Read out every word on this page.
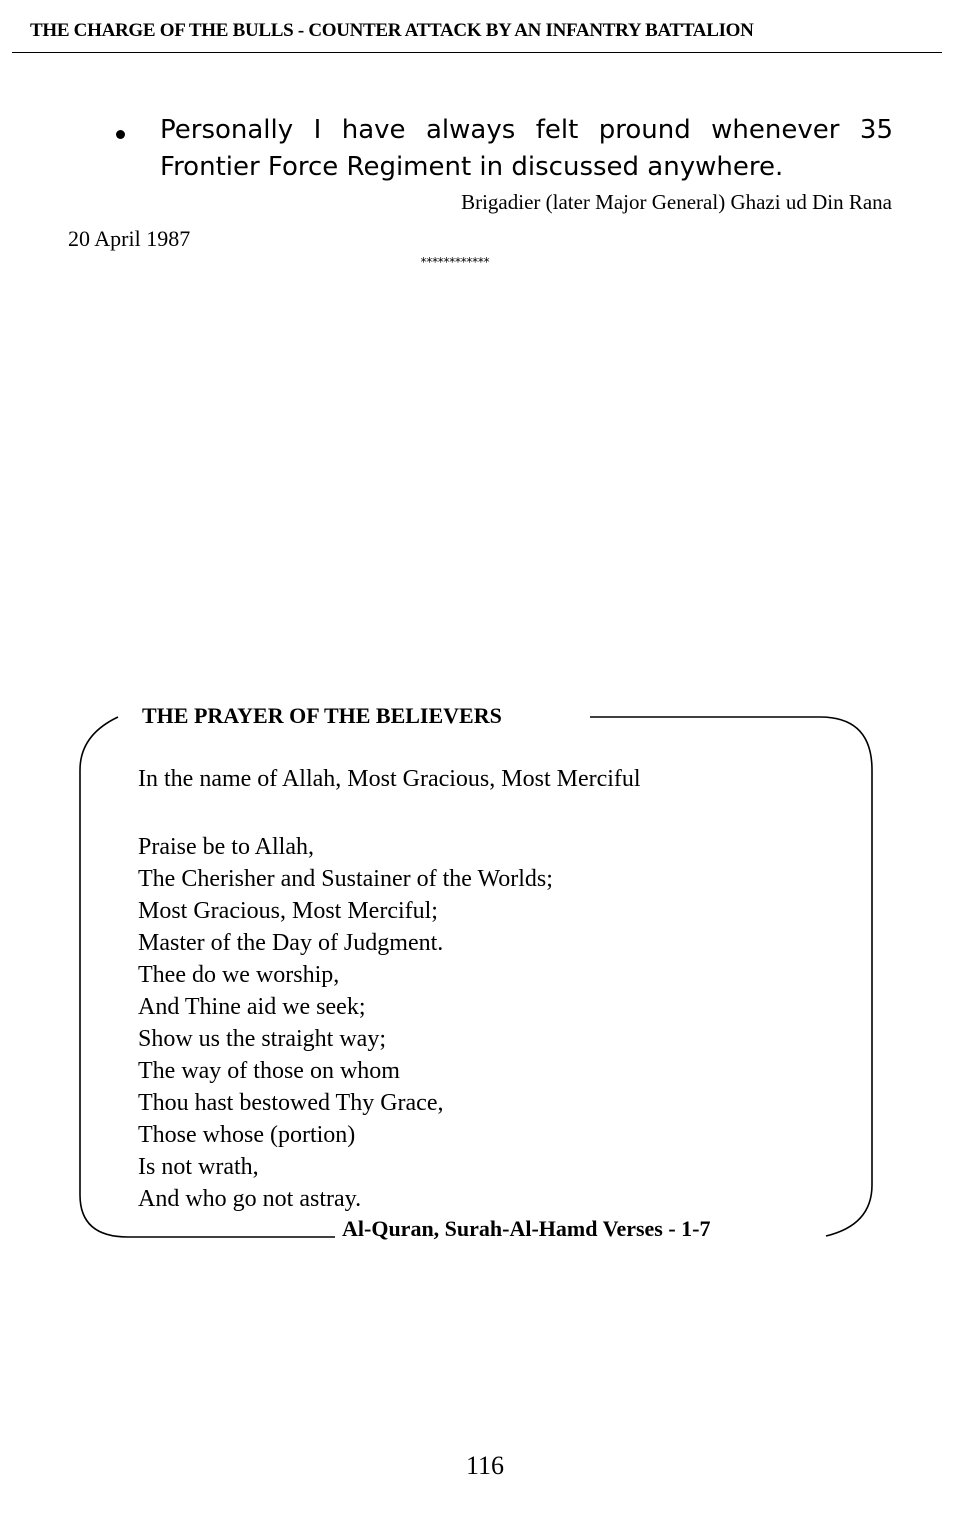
THE CHARGE OF THE BULLS - COUNTER ATTACK BY AN INFANTRY BATTALION
Personally I have always felt pround whenever 35
Frontier Force Regiment in discussed anywhere.
Brigadier (later Major General) Ghazi ud Din Rana
20 April 1987
************
THE PRAYER OF THE BELIEVERS
In the name of Allah, Most Gracious, Most Merciful
Praise be to Allah,
The Cherisher and Sustainer of the Worlds;
Most Gracious, Most Merciful;
Master of the Day of Judgment.
Thee do we worship,
And Thine aid we seek;
Show us the straight way;
The way of those on whom
Thou hast bestowed Thy Grace,
Those whose (portion)
Is not wrath,
And who go not astray.
Al-Quran, Surah-Al-Hamd Verses - 1-7
116
